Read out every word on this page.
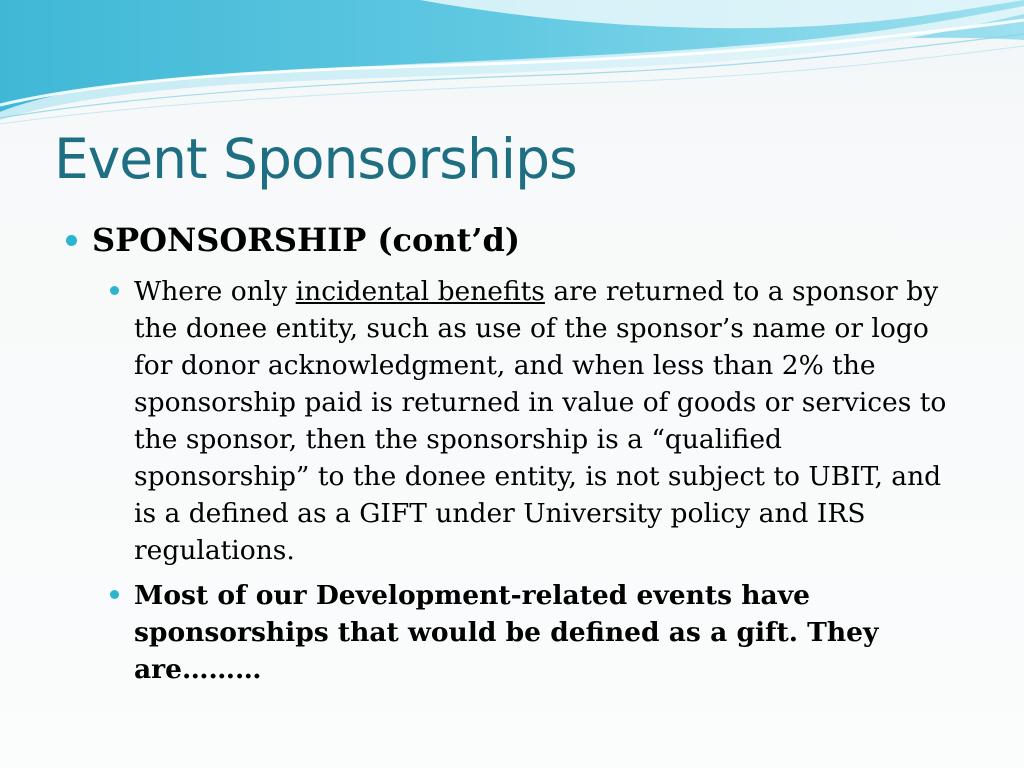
Event Sponsorships
SPONSORSHIP (cont’d)
Where only incidental benefits are returned to a sponsor by the donee entity, such as use of the sponsor’s name or logo for donor acknowledgment, and when less than 2% the sponsorship paid is returned in value of goods or services to the sponsor, then the sponsorship is a “qualified sponsorship” to the donee entity, is not subject to UBIT, and is a defined as a GIFT under University policy and IRS regulations.
Most of our Development-related events have sponsorships that would be defined as a gift. They are………
